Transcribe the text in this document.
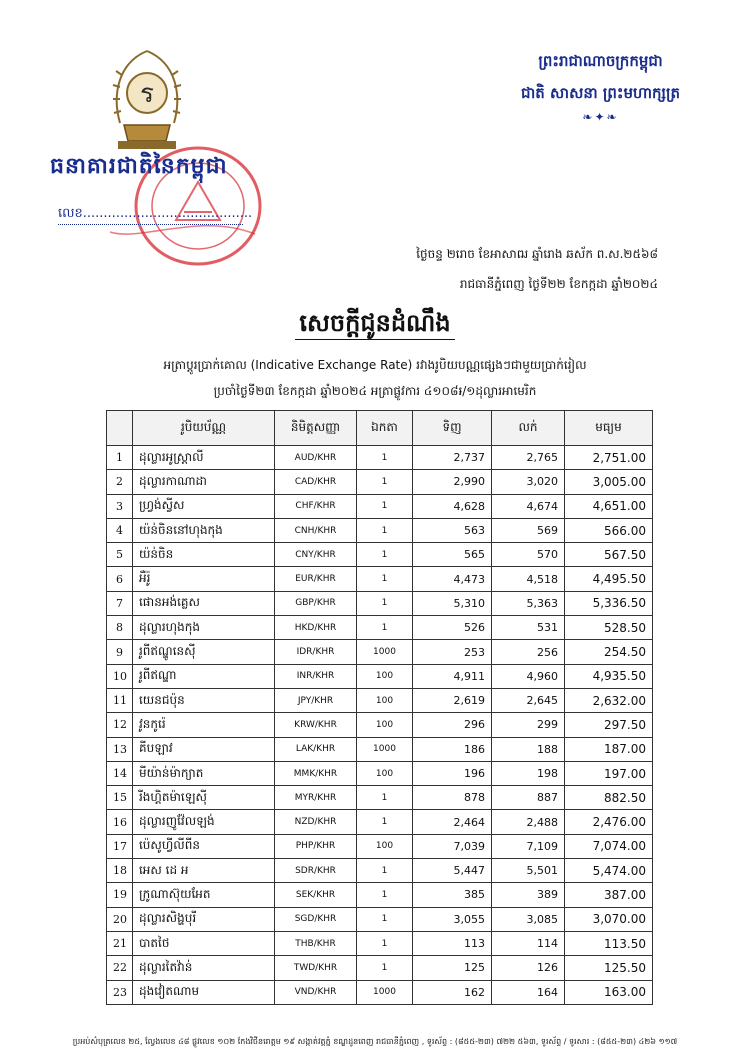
ร
ធនាគារជាតិនៃកម្ពុជា
លេខ.........................................
ព្រះរាជាណាចក្រកម្ពុជា
ជាតិ សាសនា ព្រះមហាក្សត្រ
❧✦❧
ថ្ងៃចន្ទ ២រោច ខែអាសាឍ ឆ្នាំរោង ឆស័ក ព.ស.២៥៦៨
រាជធានីភ្នំពេញ ថ្ងៃទី២២ ខែកក្កដា ឆ្នាំ២០២៤
សេចក្តីជូនដំណឹង
អត្រាប្តូរប្រាក់គោល (Indicative Exchange Rate) រវាងរូបិយបណ្ណផ្សេងៗជាមួយប្រាក់រៀល
ប្រចាំថ្ងៃទី២៣ ខែកក្កដា ឆ្នាំ២០២៤ អត្រាផ្លូវការ ៤១០៨៛/១ដុល្លារអាមេរិក
	រូបិយប័ណ្ណ	និមិត្តសញ្ញា	ឯកតា	ទិញ	លក់	មធ្យម
1	ដុល្លារអូស្ត្រាលី	AUD/KHR	1	2,737	2,765	2,751.00
2	ដុល្លារកាណាដា	CAD/KHR	1	2,990	3,020	3,005.00
3	ហ្វ្រង់ស្វីស	CHF/KHR	1	4,628	4,674	4,651.00
4	យ៉ន់ចិននៅហុងកុង	CNH/KHR	1	563	569	566.00
5	យ៉ន់ចិន	CNY/KHR	1	565	570	567.50
6	អឺរ៉ូ	EUR/KHR	1	4,473	4,518	4,495.50
7	ផោនអង់គ្លេស	GBP/KHR	1	5,310	5,363	5,336.50
8	ដុល្លារហុងកុង	HKD/KHR	1	526	531	528.50
9	រូពីឥណ្ឌូនេស៊ី	IDR/KHR	1000	253	256	254.50
10	រូពីឥណ្ឌា	INR/KHR	100	4,911	4,960	4,935.50
11	យេនជប៉ុន	JPY/KHR	100	2,619	2,645	2,632.00
12	វូនកូរ៉េ	KRW/KHR	100	296	299	297.50
13	គីបឡាវ	LAK/KHR	1000	186	188	187.00
14	មីយ៉ាន់ម៉ាក្យាត	MMK/KHR	100	196	198	197.00
15	រីងហ្គិតម៉ាឡេស៊ី	MYR/KHR	1	878	887	882.50
16	ដុល្លារញូវ៉ែលឡង់	NZD/KHR	1	2,464	2,488	2,476.00
17	ប៉េសូហ្វីលីពីន	PHP/KHR	100	7,039	7,109	7,074.00
18	អេស ដេ អ	SDR/KHR	1	5,447	5,501	5,474.00
19	ក្រូណាស៊ុយអែត	SEK/KHR	1	385	389	387.00
20	ដុល្លារសិង្ហបុរី	SGD/KHR	1	3,055	3,085	3,070.00
21	បាតថៃ	THB/KHR	1	113	114	113.50
22	ដុល្លារតៃវ៉ាន់	TWD/KHR	1	125	126	125.50
23	ដុងវៀតណាម	VND/KHR	1000	162	164	163.00
ប្រអប់សំបុត្រលេខ ២៥, ល្វែងលេខ ៤៨ ផ្លូវលេខ ១០២ កែងវិថីនរោត្តម ១៩ សង្កាត់វត្តភ្នំ ខណ្ឌដូនពេញ រាជធានីភ្នំពេញ , ទូរស័ព្ទ : (៨៥៥-២៣) ៧២២ ៥៦៣, ទូរស័ព្ទ / ទូរសារ : (៨៥៥-២៣) ៤២៦ ១១៧
